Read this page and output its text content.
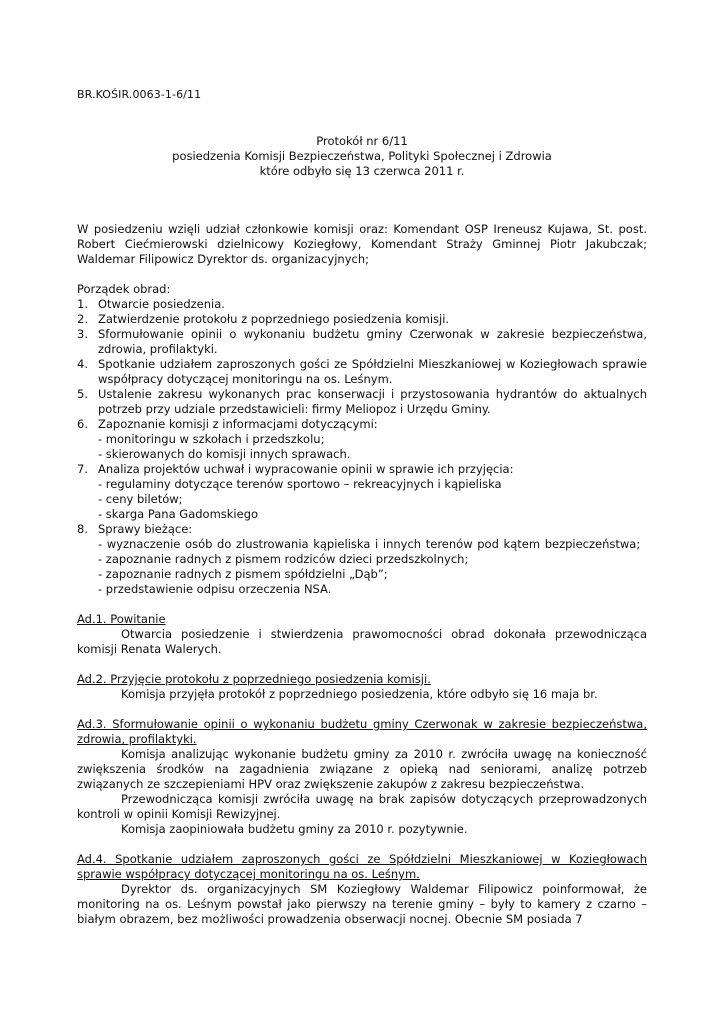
BR.KOŚIR.0063-1-6/11
Protokół nr 6/11
posiedzenia Komisji Bezpieczeństwa, Polityki Społecznej i Zdrowia
które odbyło się 13 czerwca 2011 r.

W posiedzeniu wzięli udział członkowie komisji oraz: Komendant OSP Ireneusz Kujawa, St. post. Robert Ciećmierowski dzielnicowy Koziegłowy, Komendant Straży Gminnej Piotr Jakubczak; Waldemar Filipowicz Dyrektor ds. organizacyjnych;

Porządek obrad:

1. Otwarcie posiedzenia.
2. Zatwierdzenie protokołu z poprzedniego posiedzenia komisji.
3. Sformułowanie opinii o wykonaniu budżetu gminy Czerwonak w zakresie bezpieczeństwa, zdrowia, profilaktyki.
4. Spotkanie udziałem zaproszonych gości ze Spółdzielni Mieszkaniowej w Koziegłowach sprawie współpracy dotyczącej monitoringu na os. Leśnym.
5. Ustalenie zakresu wykonanych prac konserwacji i przystosowania hydrantów do aktualnych potrzeb przy udziale przedstawicieli: firmy Meliopoz i Urzędu Gminy.
6. Zapoznanie komisji z informacjami dotyczącymi:
- monitoringu w szkołach i przedszkolu;
- skierowanych do komisji innych sprawach.
7. Analiza projektów uchwał i wypracowanie opinii w sprawie ich przyjęcia:
- regulaminy dotyczące terenów sportowo – rekreacyjnych i kąpieliska
- ceny biletów;
- skarga Pana Gadomskiego
8. Sprawy bieżące:
- wyznaczenie osób do zlustrowania kąpieliska i innych terenów pod kątem bezpieczeństwa;
- zapoznanie radnych z pismem rodziców dzieci przedszkolnych;
- zapoznanie radnych z pismem spółdzielni „Dąb”;
- przedstawienie odpisu orzeczenia NSA.

Ad.1. Powitanie

Otwarcia posiedzenie i stwierdzenia prawomocności obrad dokonała przewodnicząca komisji Renata Walerych.

Ad.2. Przyjęcie protokołu z poprzedniego posiedzenia komisji.

Komisja przyjęła protokół z poprzedniego posiedzenia, które odbyło się 16 maja br.

Ad.3. Sformułowanie opinii o wykonaniu budżetu gminy Czerwonak w zakresie bezpieczeństwa, zdrowia, profilaktyki.

Komisja analizując wykonanie budżetu gminy za 2010 r. zwróciła uwagę na konieczność zwiększenia środków na zagadnienia związane z opieką nad seniorami, analizę potrzeb związanych ze szczepieniami HPV oraz zwiększenie zakupów z zakresu bezpieczeństwa.

Przewodnicząca komisji zwróciła uwagę na brak zapisów dotyczących przeprowadzonych kontroli w opinii Komisji Rewizyjnej.

Komisja zaopiniowała budżetu gminy za 2010 r. pozytywnie.

Ad.4. Spotkanie udziałem zaproszonych gości ze Spółdzielni Mieszkaniowej w Koziegłowach sprawie współpracy dotyczącej monitoringu na os. Leśnym.

Dyrektor ds. organizacyjnych SM Koziegłowy Waldemar Filipowicz poinformował, że monitoring na os. Leśnym powstał jako pierwszy na terenie gminy – były to kamery z czarno – białym obrazem, bez możliwości prowadzenia obserwacji nocnej. Obecnie SM posiada 7
